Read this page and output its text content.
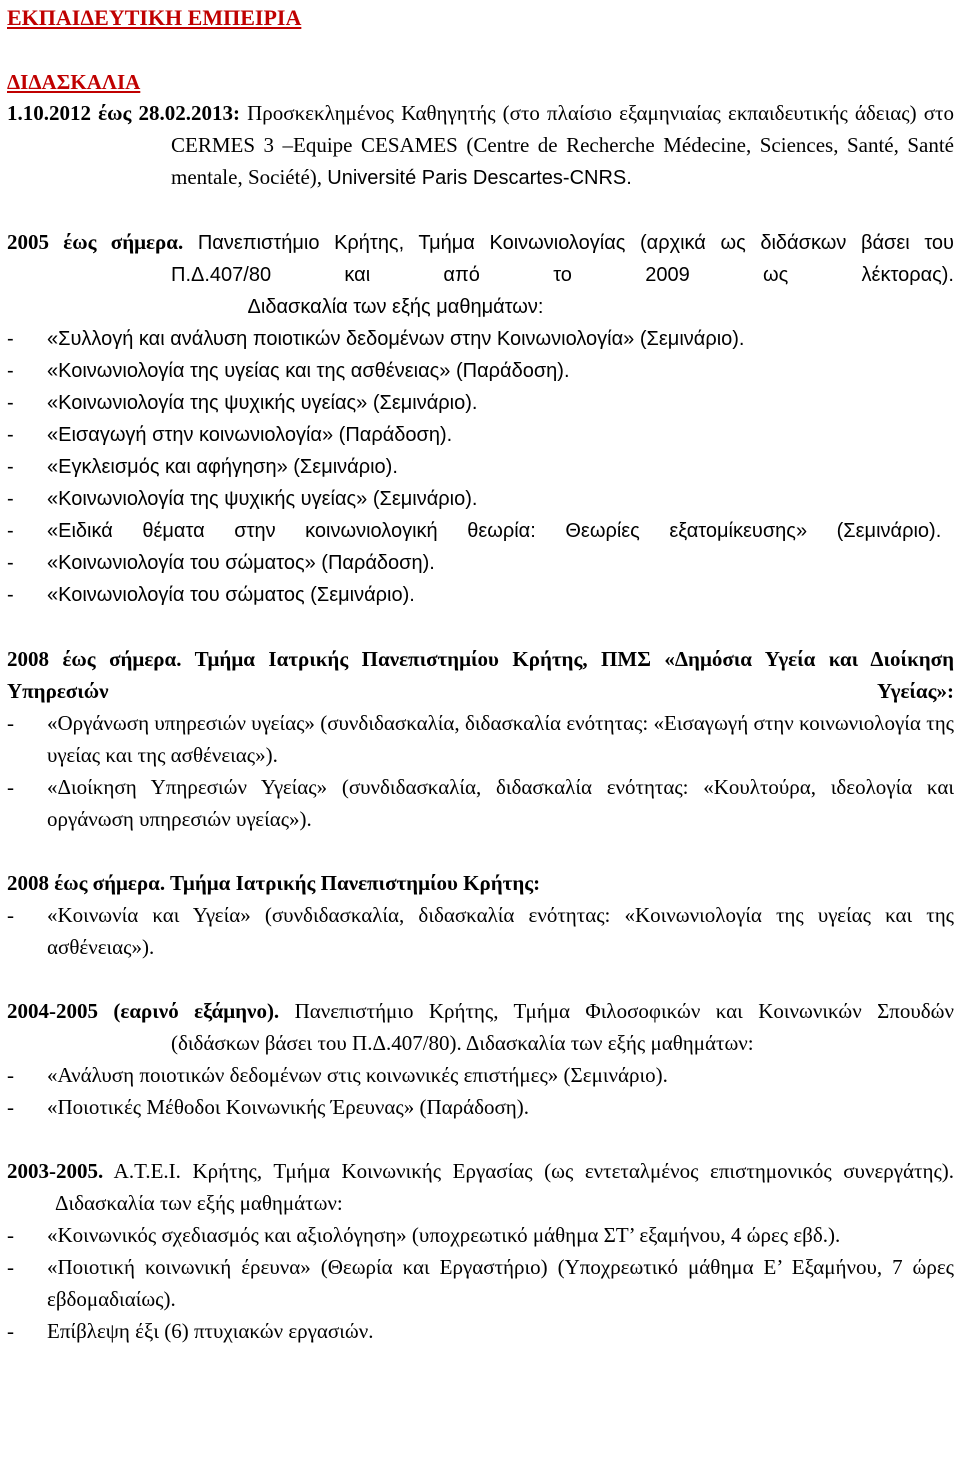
ΕΚΠΑΙΔΕΥΤΙΚΗ ΕΜΠΕΙΡΙΑ
ΔΙΔΑΣΚΑΛΙΑ
1.10.2012 έως 28.02.2013: Προσκεκλημένος Καθηγητής (στο πλαίσιο εξαμηνιαίας εκπαιδευτικής άδειας) στο CERMES 3 –Equipe CESAMES (Centre de Recherche Médecine, Sciences, Santé, Santé mentale, Société), Université Paris Descartes-CNRS.
2005 έως σήμερα. Πανεπιστήμιο Κρήτης, Τμήμα Κοινωνιολογίας (αρχικά ως διδάσκων βάσει του Π.Δ.407/80 και από το 2009 ως λέκτορας).
Διδασκαλία των εξής μαθημάτων:
- «Συλλογή και ανάλυση ποιοτικών δεδομένων στην Κοινωνιολογία» (Σεμινάριο).
- «Κοινωνιολογία της υγείας και της ασθένειας» (Παράδοση).
- «Κοινωνιολογία της ψυχικής υγείας» (Σεμινάριο).
- «Εισαγωγή στην κοινωνιολογία» (Παράδοση).
- «Εγκλεισμός και αφήγηση» (Σεμινάριο).
- «Κοινωνιολογία της ψυχικής υγείας» (Σεμινάριο).
- «Ειδικά θέματα στην κοινωνιολογική θεωρία: Θεωρίες εξατομίκευσης» (Σεμινάριο).
- «Κοινωνιολογία του σώματος» (Παράδοση).
- «Κοινωνιολογία του σώματος (Σεμινάριο).
2008 έως σήμερα. Τμήμα Ιατρικής Πανεπιστημίου Κρήτης, ΠΜΣ «Δημόσια Υγεία και Διοίκηση Υπηρεσιών Υγείας»:
- «Οργάνωση υπηρεσιών υγείας» (συνδιδασκαλία, διδασκαλία ενότητας: «Εισαγωγή στην κοινωνιολογία της υγείας και της ασθένειας»).
- «Διοίκηση Υπηρεσιών Υγείας» (συνδιδασκαλία, διδασκαλία ενότητας: «Κουλτούρα, ιδεολογία και οργάνωση υπηρεσιών υγείας»).
2008 έως σήμερα. Τμήμα Ιατρικής Πανεπιστημίου Κρήτης:
- «Κοινωνία και Υγεία» (συνδιδασκαλία, διδασκαλία ενότητας: «Κοινωνιολογία της υγείας και της ασθένειας»).
2004-2005 (εαρινό εξάμηνο). Πανεπιστήμιο Κρήτης, Τμήμα Φιλοσοφικών και Κοινωνικών Σπουδών (διδάσκων βάσει του Π.Δ.407/80). Διδασκαλία των εξής μαθημάτων:
- «Ανάλυση ποιοτικών δεδομένων στις κοινωνικές επιστήμες» (Σεμινάριο).
- «Ποιοτικές Μέθοδοι Κοινωνικής Έρευνας» (Παράδοση).
2003-2005. Α.Τ.Ε.Ι. Κρήτης, Τμήμα Κοινωνικής Εργασίας (ως εντεταλμένος επιστημονικός συνεργάτης). Διδασκαλία των εξής μαθημάτων:
- «Κοινωνικός σχεδιασμός και αξιολόγηση» (υποχρεωτικό μάθημα ΣΤ’ εξαμήνου, 4 ώρες εβδ.).
- «Ποιοτική κοινωνική έρευνα» (Θεωρία και Εργαστήριο) (Υποχρεωτικό μάθημα Ε’ Εξαμήνου, 7 ώρες εβδομαδιαίως).
- Επίβλεψη έξι (6) πτυχιακών εργασιών.
